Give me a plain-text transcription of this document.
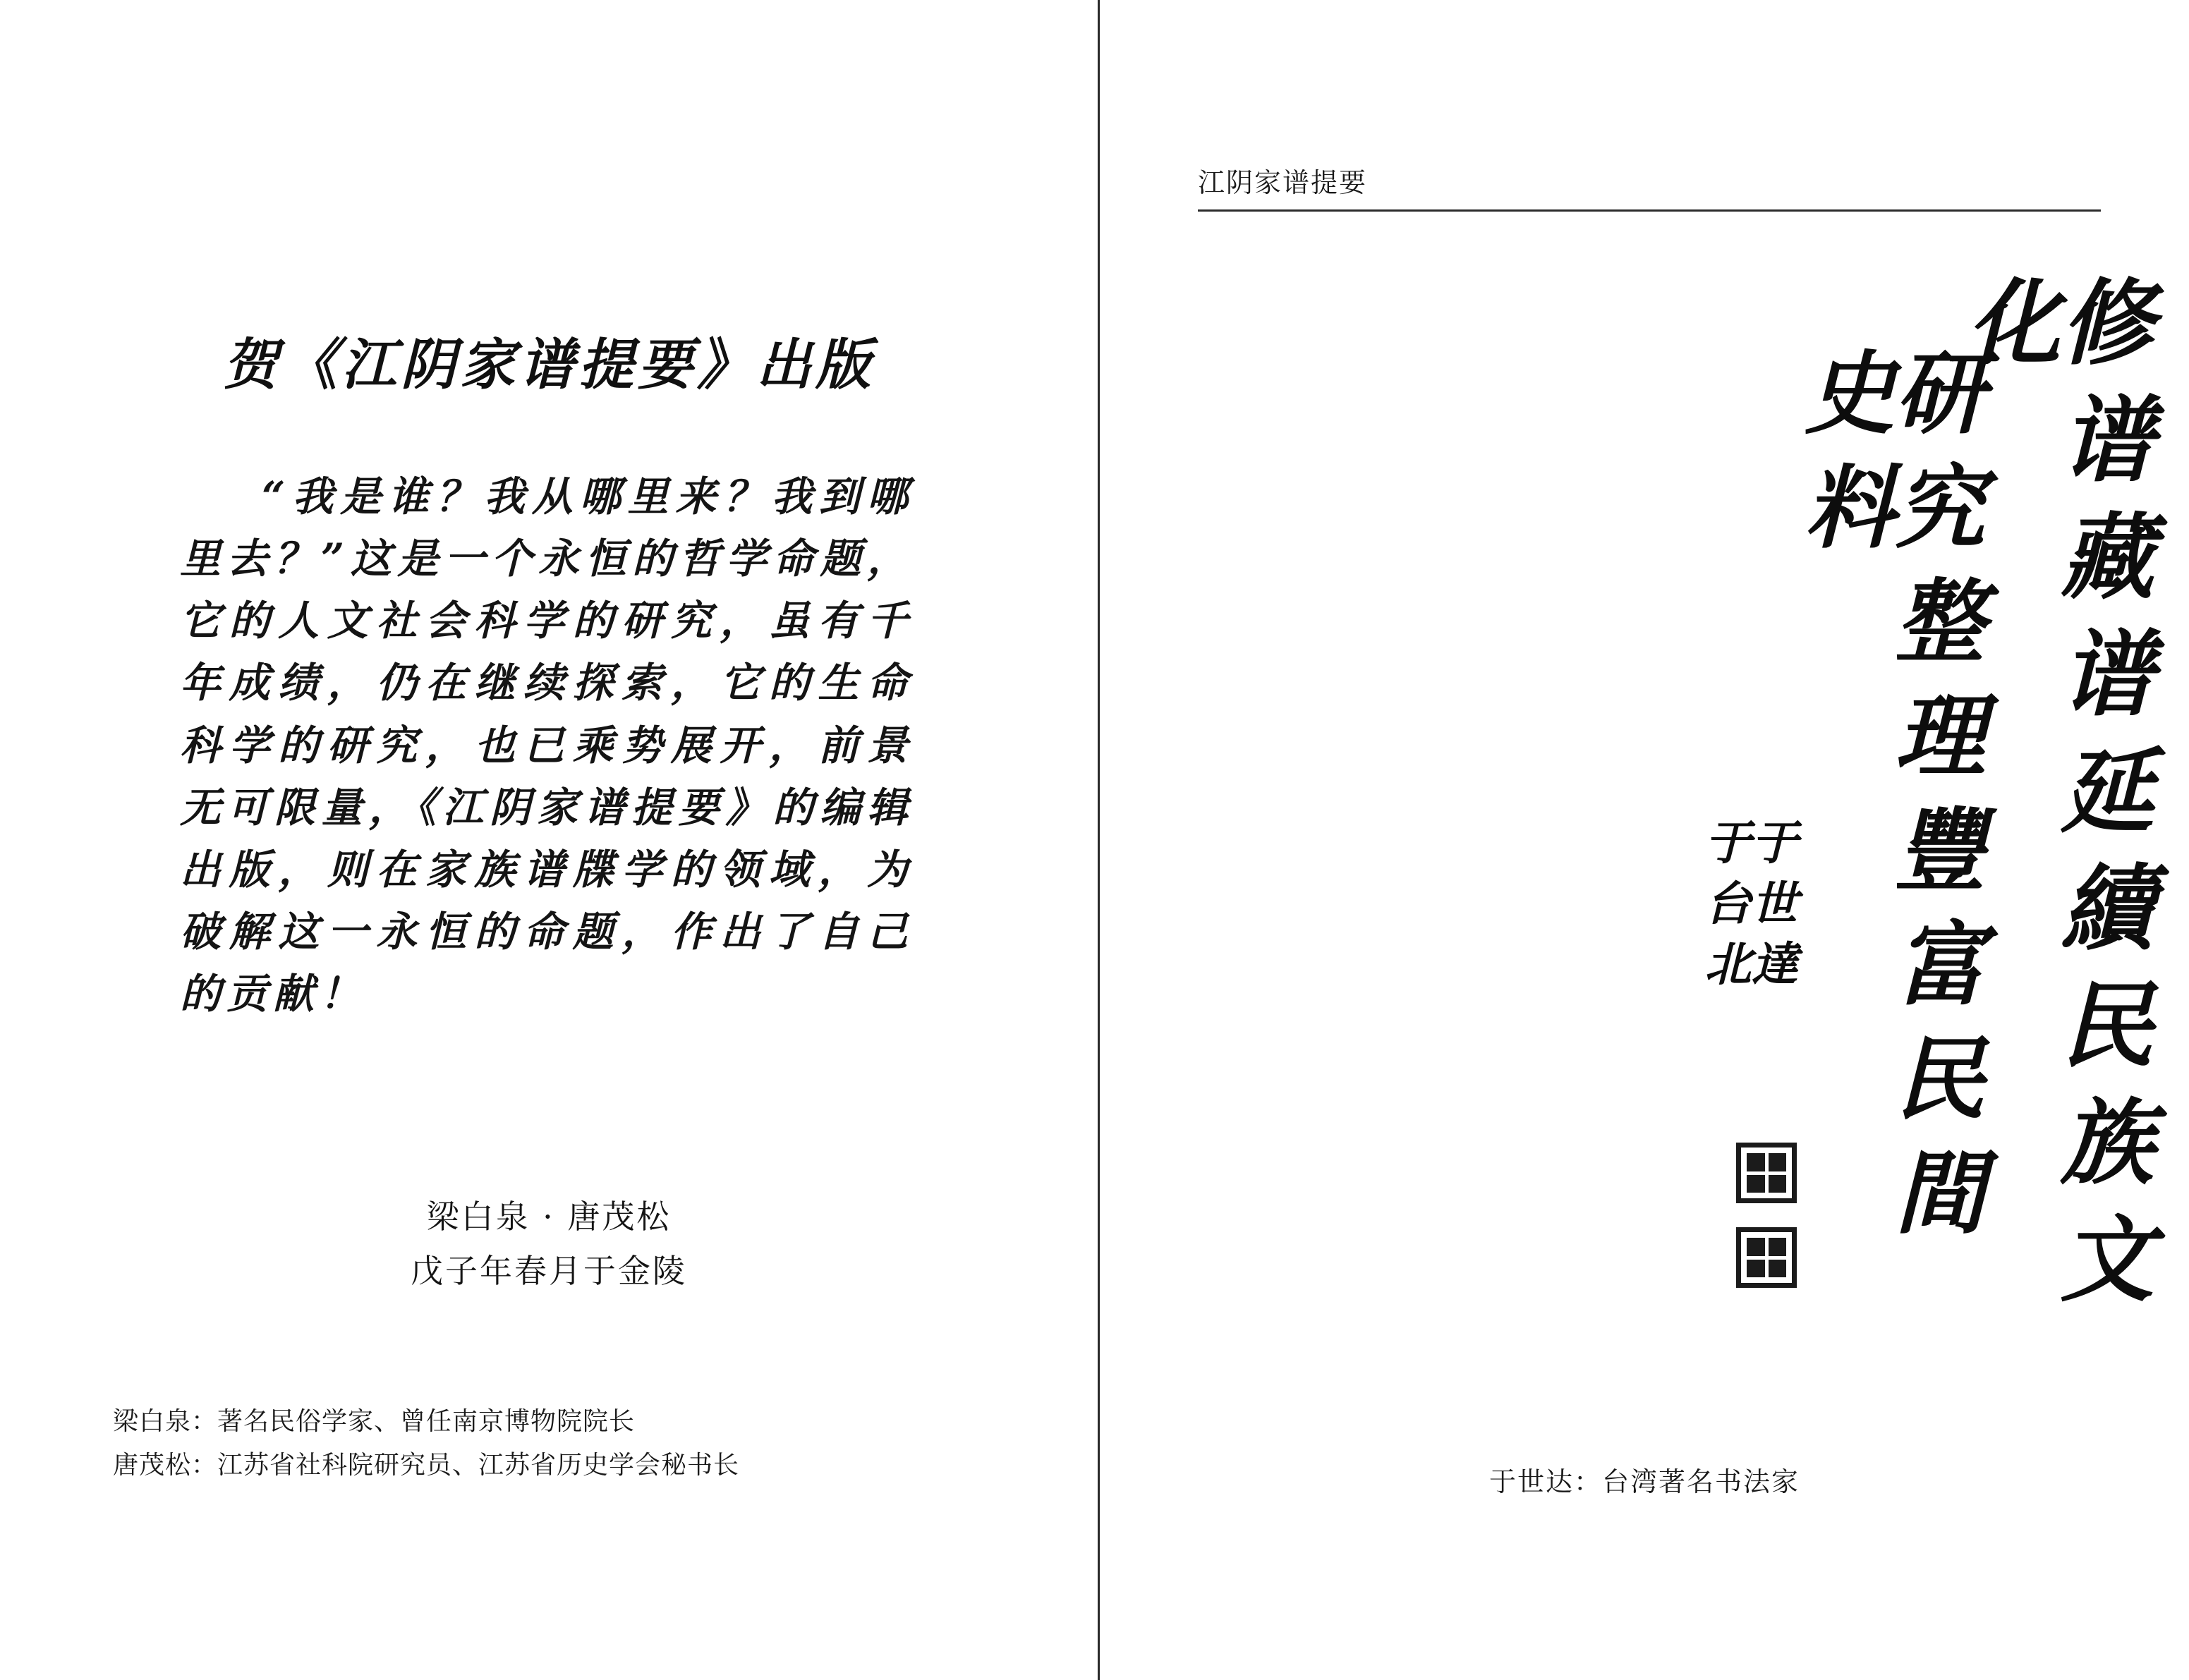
贺《江阴家谱提要》出版
“我是谁？我从哪里来？我到哪里去？”这是一个永恒的哲学命题，它的人文社会科学的研究，虽有千年成绩，仍在继续探索，它的生命科学的研究，也已乘势展开，前景无可限量，《江阴家谱提要》的编辑出版，则在家族谱牒学的领域，为破解这一永恒的命题，作出了自己的贡献！
梁白泉 · 唐茂松
戊子年春月于金陵
梁白泉：著名民俗学家、曾任南京博物院院长
唐茂松：江苏省社科院研究员、江苏省历史学会秘书长
江阴家谱提要
修谱藏谱延續民族文化
研究整理豐富民間史料
于世達 于台北
于世达：台湾著名书法家
